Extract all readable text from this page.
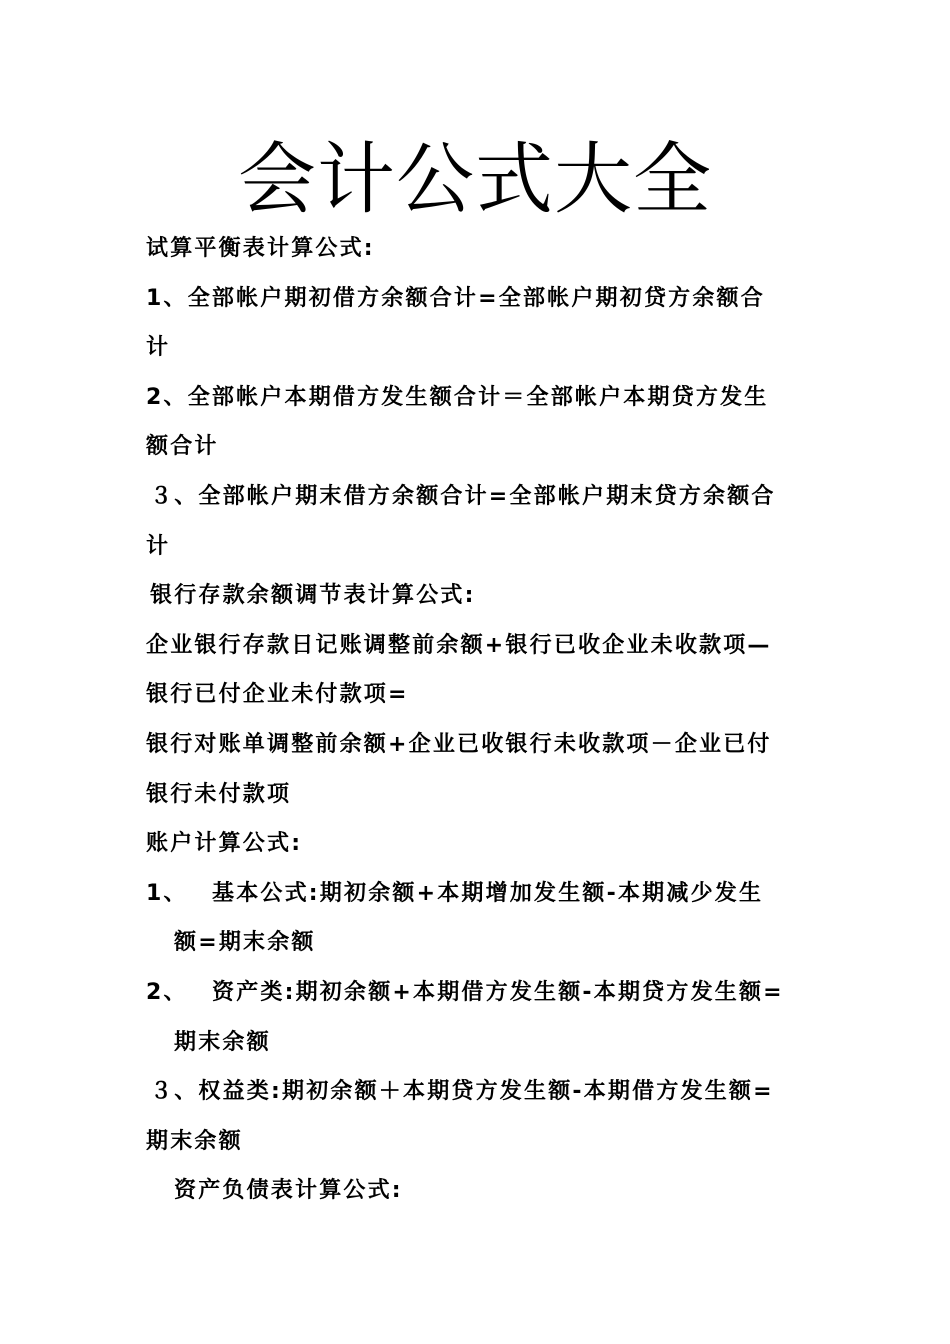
会计公式大全
试算平衡表计算公式:
1、全部帐户期初借方余额合计=全部帐户期初贷方余额合
计
2、全部帐户本期借方发生额合计＝全部帐户本期贷方发生
额合计
３、全部帐户期末借方余额合计=全部帐户期末贷方余额合
计
银行存款余额调节表计算公式:
企业银行存款日记账调整前余额+银行已收企业未收款项—
银行已付企业未付款项=
银行对账单调整前余额+企业已收银行未收款项－企业已付
银行未付款项
账户计算公式:
1、 基本公式:期初余额+本期增加发生额-本期减少发生
额=期末余额
2、 资产类:期初余额+本期借方发生额-本期贷方发生额=
期末余额
３、权益类:期初余额＋本期贷方发生额-本期借方发生额=
期末余额
资产负债表计算公式:
